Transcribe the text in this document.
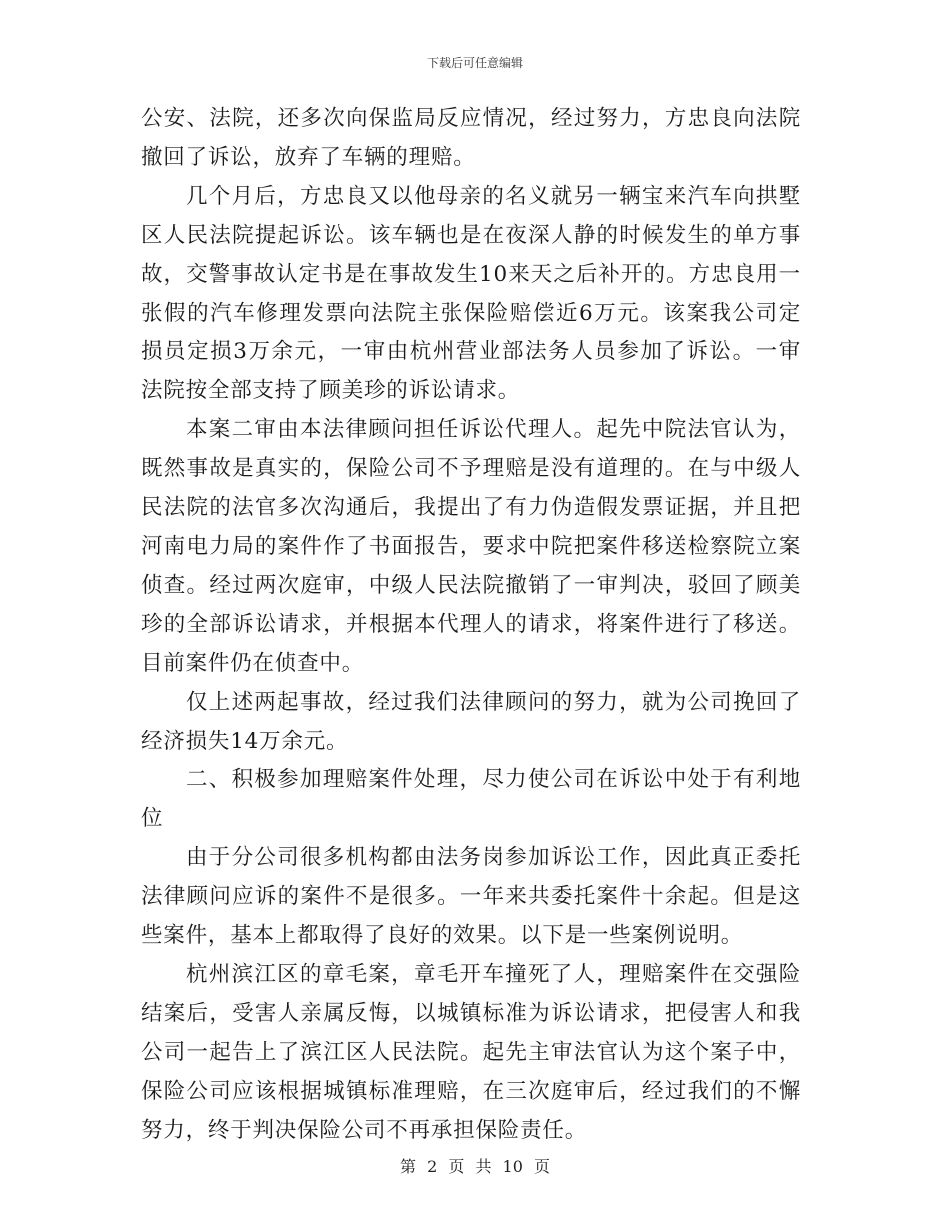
下载后可任意编辑

公安、法院，还多次向保监局反应情况，经过努力，方忠良向法院撤回了诉讼，放弃了车辆的理赔。

几个月后，方忠良又以他母亲的名义就另一辆宝来汽车向拱墅区人民法院提起诉讼。该车辆也是在夜深人静的时候发生的单方事故，交警事故认定书是在事故发生10来天之后补开的。方忠良用一张假的汽车修理发票向法院主张保险赔偿近6万元。该案我公司定损员定损3万余元，一审由杭州营业部法务人员参加了诉讼。一审法院按全部支持了顾美珍的诉讼请求。

本案二审由本法律顾问担任诉讼代理人。起先中院法官认为，既然事故是真实的，保险公司不予理赔是没有道理的。在与中级人民法院的法官多次沟通后，我提出了有力伪造假发票证据，并且把河南电力局的案件作了书面报告，要求中院把案件移送检察院立案侦查。经过两次庭审，中级人民法院撤销了一审判决，驳回了顾美珍的全部诉讼请求，并根据本代理人的请求，将案件进行了移送。目前案件仍在侦查中。

仅上述两起事故，经过我们法律顾问的努力，就为公司挽回了经济损失14万余元。

二、积极参加理赔案件处理，尽力使公司在诉讼中处于有利地位

由于分公司很多机构都由法务岗参加诉讼工作，因此真正委托法律顾问应诉的案件不是很多。一年来共委托案件十余起。但是这些案件，基本上都取得了良好的效果。以下是一些案例说明。

杭州滨江区的章毛案，章毛开车撞死了人，理赔案件在交强险结案后，受害人亲属反悔，以城镇标准为诉讼请求，把侵害人和我公司一起告上了滨江区人民法院。起先主审法官认为这个案子中，保险公司应该根据城镇标准理赔，在三次庭审后，经过我们的不懈努力，终于判决保险公司不再承担保险责任。

第 2 页 共 10 页
